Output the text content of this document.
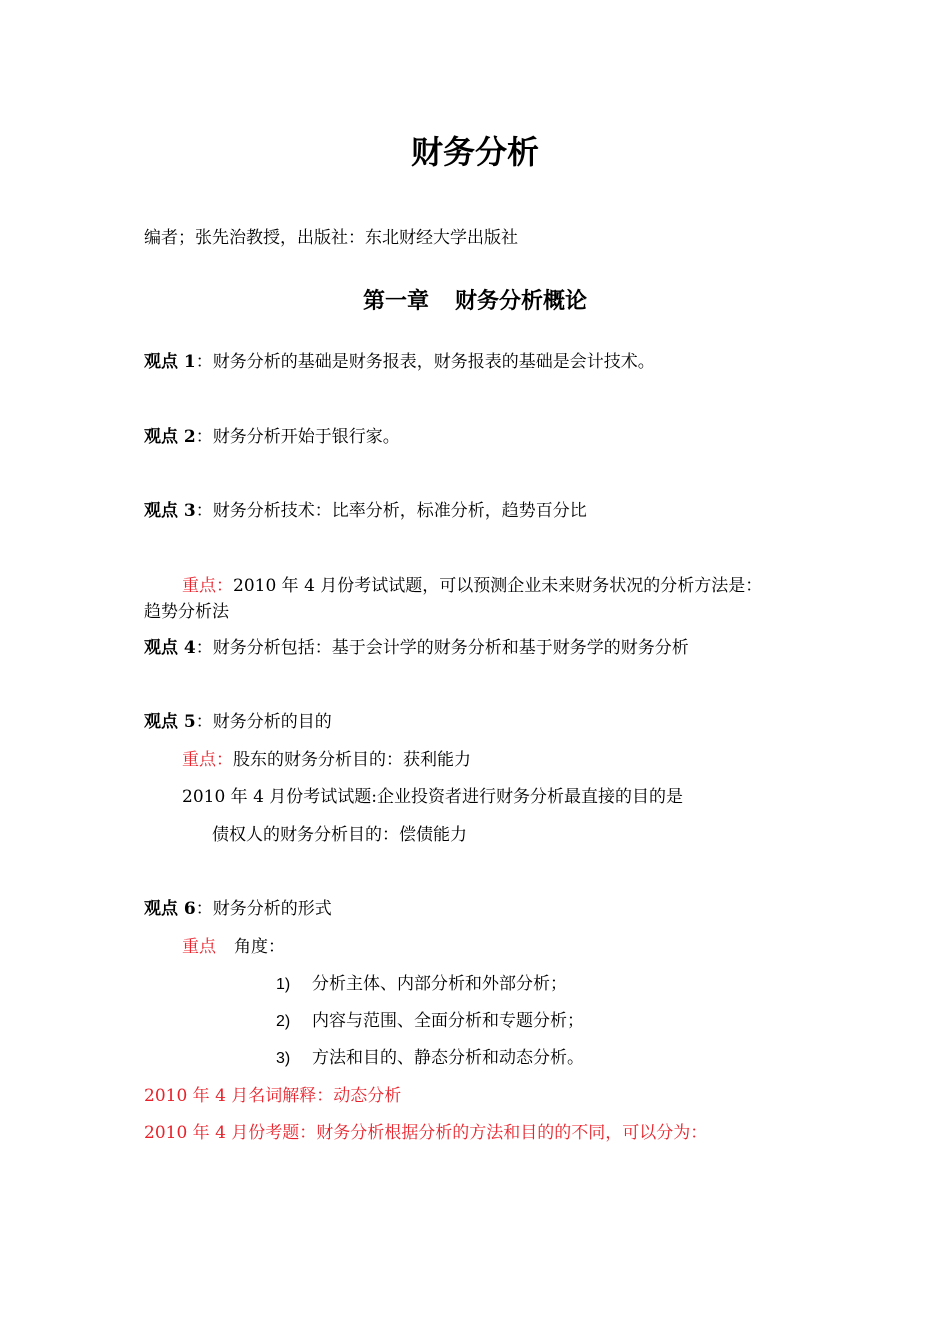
财务分析
编者；张先治教授，出版社：东北财经大学出版社
第一章 财务分析概论
观点 1：财务分析的基础是财务报表，财务报表的基础是会计技术。
观点 2：财务分析开始于银行家。
观点 3：财务分析技术：比率分析，标准分析，趋势百分比
重点：2010 年 4 月份考试试题，可以预测企业未来财务状况的分析方法是：
趋势分析法
观点 4：财务分析包括：基于会计学的财务分析和基于财务学的财务分析
观点 5：财务分析的目的
重点：股东的财务分析目的：获利能力
2010 年 4 月份考试试题:企业投资者进行财务分析最直接的目的是
债权人的财务分析目的：偿债能力
观点 6：财务分析的形式
重点 角度：
1) 分析主体、内部分析和外部分析；
2) 内容与范围、全面分析和专题分析；
3) 方法和目的、静态分析和动态分析。
2010 年 4 月名词解释：动态分析
2010 年 4 月份考题：财务分析根据分析的方法和目的的不同，可以分为：
